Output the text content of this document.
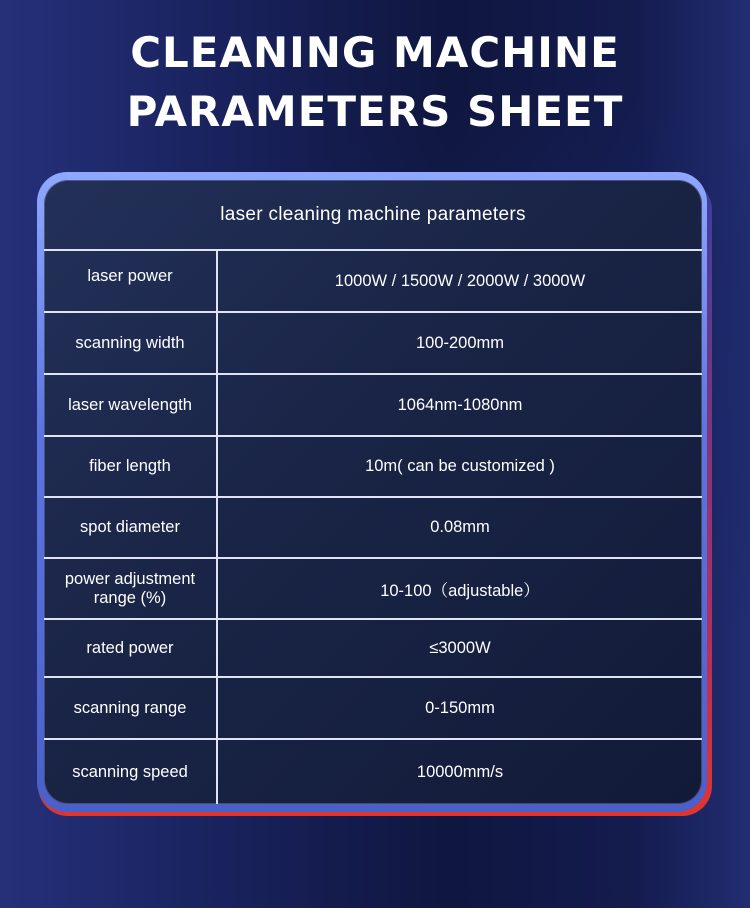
CLEANING MACHINE
PARAMETERS SHEET
laser cleaning machine parameters
laser power	1000W / 1500W / 2000W / 3000W
scanning width	100-200mm
laser wavelength	1064nm-1080nm
fiber length	10m( can be customized )
spot diameter	0.08mm
power adjustment range (%)	10-100（adjustable）
rated power	≤3000W
scanning range	0-150mm
scanning speed	10000mm/s
